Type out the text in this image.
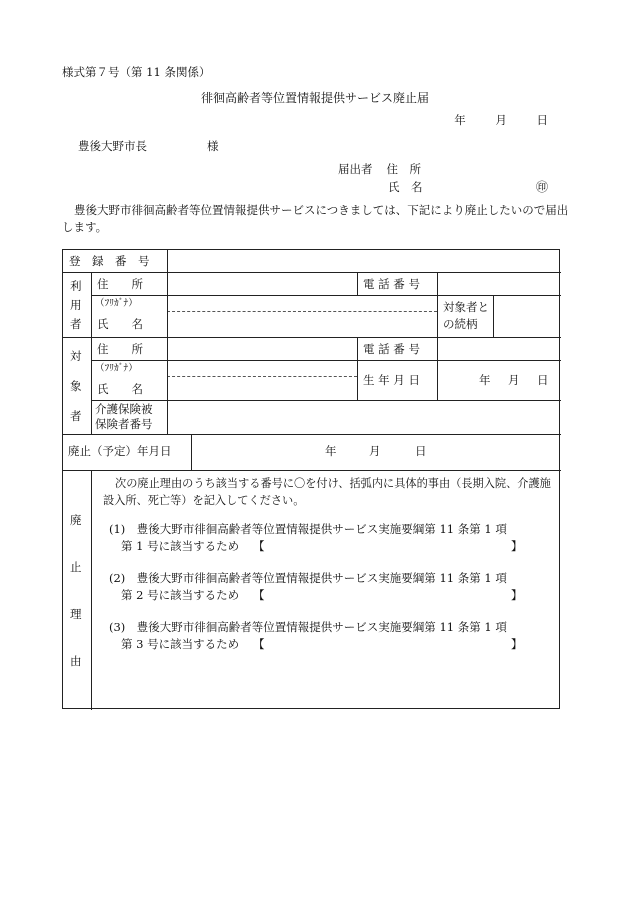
様式第７号（第 11 条関係）
徘徊高齢者等位置情報提供サービス廃止届
年	月	日
豊後大野市長	様
届出者 住　所
氏　名	㊞
豊後大野市徘徊高齢者等位置情報提供サービスにつきましては、下記により廃止したいので届出します。
登　録　番　号
利
用
者
住　　所	電 話 番 号
（ﾌﾘｶﾞﾅ）
氏　　名
対象者と
の続柄
対
象
者
住　　所	電 話 番 号
（ﾌﾘｶﾞﾅ）
氏　　名
生 年 月 日	年 月 日
介護保険被
保険者番号
廃止（予定）年月日	年	月	日
廃
止
理
由
次の廃止理由のうち該当する番号に〇を付け、括弧内に具体的事由（長期入院、介護施設入所、死亡等）を記入してください。
(1)　豊後大野市徘徊高齢者等位置情報提供サービス実施要綱第 11 条第 1 項
第 1 号に該当するため 【	】
(2)　豊後大野市徘徊高齢者等位置情報提供サービス実施要綱第 11 条第 1 項
第 2 号に該当するため 【	】
(3)　豊後大野市徘徊高齢者等位置情報提供サービス実施要綱第 11 条第 1 項
第 3 号に該当するため 【	】
